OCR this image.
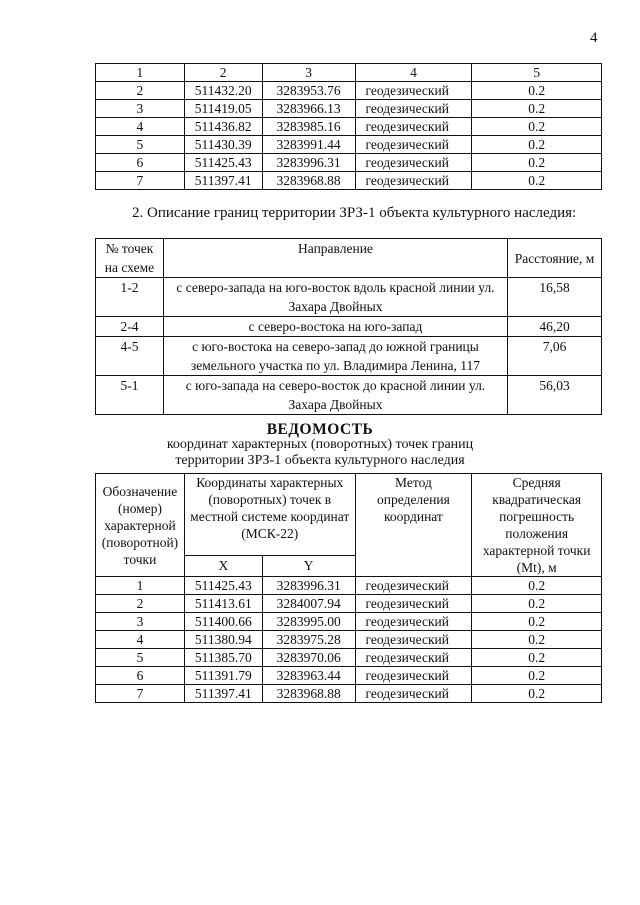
4
1	2	3	4	5
2	511432.20	3283953.76	геодезический	0.2
3	511419.05	3283966.13	геодезический	0.2
4	511436.82	3283985.16	геодезический	0.2
5	511430.39	3283991.44	геодезический	0.2
6	511425.43	3283996.31	геодезический	0.2
7	511397.41	3283968.88	геодезический	0.2
2. Описание границ территории ЗРЗ-1 объекта культурного наследия:
№ точек на схеме	Направление	Расстояние, м
1-2	с северо-запада на юго-восток вдоль красной линии ул. Захара Двойных	16,58
2-4	с северо-востока на юго-запад	46,20
4-5	с юго-востока на северо-запад до южной границы земельного участка по ул. Владимира Ленина, 117	7,06
5-1	с юго-запада на северо-восток до красной линии ул. Захара Двойных	56,03
ВЕДОМОСТЬ
координат характерных (поворотных) точек границ
территории ЗРЗ-1 объекта культурного наследия
Обозначение (номер) характерной (поворотной) точки	Координаты характерных (поворотных) точек в местной системе координат (МСК-22)		Метод определения координат	Средняя квадратическая погрешность положения характерной точки (Mt), м
	X	Y		
1	511425.43	3283996.31	геодезический	0.2
2	511413.61	3284007.94	геодезический	0.2
3	511400.66	3283995.00	геодезический	0.2
4	511380.94	3283975.28	геодезический	0.2
5	511385.70	3283970.06	геодезический	0.2
6	511391.79	3283963.44	геодезический	0.2
7	511397.41	3283968.88	геодезический	0.2
